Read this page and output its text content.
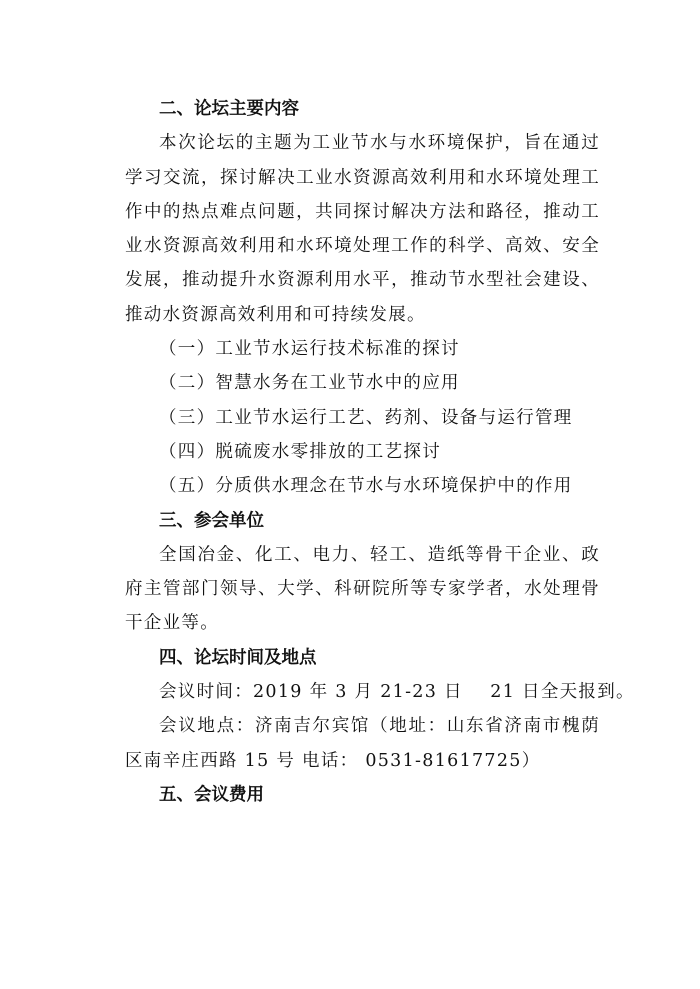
二、论坛主要内容

本次论坛的主题为工业节水与水环境保护，旨在通过学习交流，探讨解决工业水资源高效利用和水环境处理工作中的热点难点问题，共同探讨解决方法和路径，推动工业水资源高效利用和水环境处理工作的科学、高效、安全发展，推动提升水资源利用水平，推动节水型社会建设、推动水资源高效利用和可持续发展。

（一）工业节水运行技术标准的探讨

（二）智慧水务在工业节水中的应用

（三）工业节水运行工艺、药剂、设备与运行管理

（四）脱硫废水零排放的工艺探讨

（五）分质供水理念在节水与水环境保护中的作用

三、参会单位

全国冶金、化工、电力、轻工、造纸等骨干企业、政府主管部门领导、大学、科研院所等专家学者，水处理骨干企业等。

四、论坛时间及地点

会议时间：2019 年 3 月 21-23 日    21 日全天报到。

会议地点：济南吉尔宾馆（地址：山东省济南市槐荫区南辛庄西路 15 号 电话： 0531-81617725）

五、会议费用
